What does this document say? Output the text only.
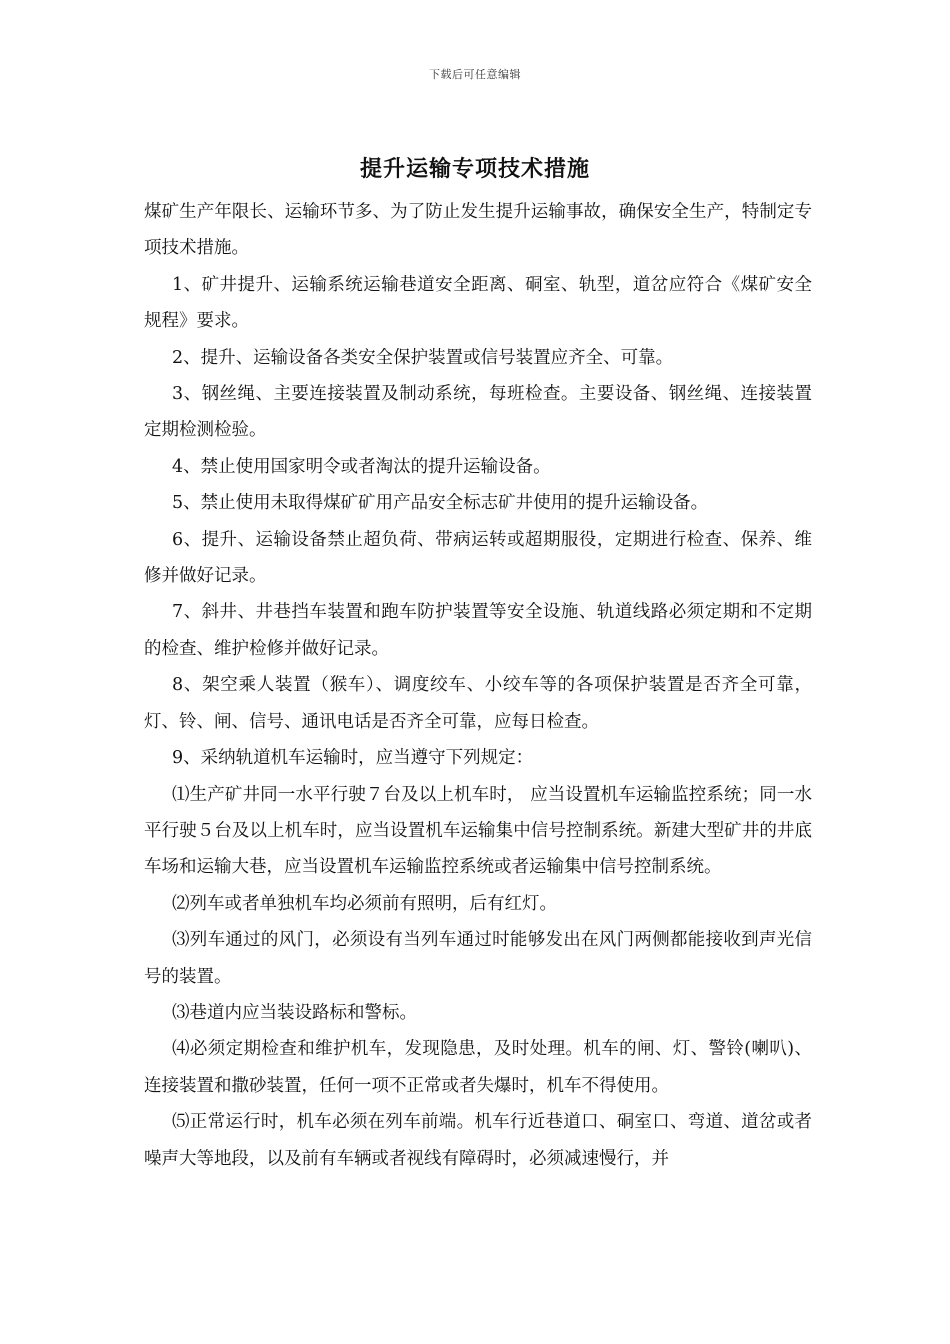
下载后可任意编辑
提升运输专项技术措施

煤矿生产年限长、运输环节多、为了防止发生提升运输事故，确保安全生产，特制定专项技术措施。

1、矿井提升、运输系统运输巷道安全距离、硐室、轨型，道岔应符合《煤矿安全规程》要求。

2、提升、运输设备各类安全保护装置或信号装置应齐全、可靠。

3、钢丝绳、主要连接装置及制动系统，每班检查。主要设备、钢丝绳、连接装置定期检测检验。

4、禁止使用国家明令或者淘汰的提升运输设备。

5、禁止使用未取得煤矿矿用产品安全标志矿井使用的提升运输设备。

6、提升、运输设备禁止超负荷、带病运转或超期服役，定期进行检查、保养、维修并做好记录。

7、斜井、井巷挡车装置和跑车防护装置等安全设施、轨道线路必须定期和不定期的检查、维护检修并做好记录。

8、架空乘人装置（猴车）、调度绞车、小绞车等的各项保护装置是否齐全可靠，灯、铃、闸、信号、通讯电话是否齐全可靠，应每日检查。

9、采纳轨道机车运输时，应当遵守下列规定：

⑴生产矿井同一水平行驶７台及以上机车时， 应当设置机车运输监控系统；同一水平行驶５台及以上机车时，应当设置机车运输集中信号控制系统。新建大型矿井的井底车场和运输大巷，应当设置机车运输监控系统或者运输集中信号控制系统。

⑵列车或者单独机车均必须前有照明，后有红灯。

⑶列车通过的风门，必须设有当列车通过时能够发出在风门两侧都能接收到声光信号的装置。

⑶巷道内应当装设路标和警标。

⑷必须定期检查和维护机车，发现隐患，及时处理。机车的闸、灯、警铃(喇叭)、连接装置和撒砂装置，任何一项不正常或者失爆时，机车不得使用。

⑸正常运行时，机车必须在列车前端。机车行近巷道口、硐室口、弯道、道岔或者噪声大等地段，以及前有车辆或者视线有障碍时，必须减速慢行，并
